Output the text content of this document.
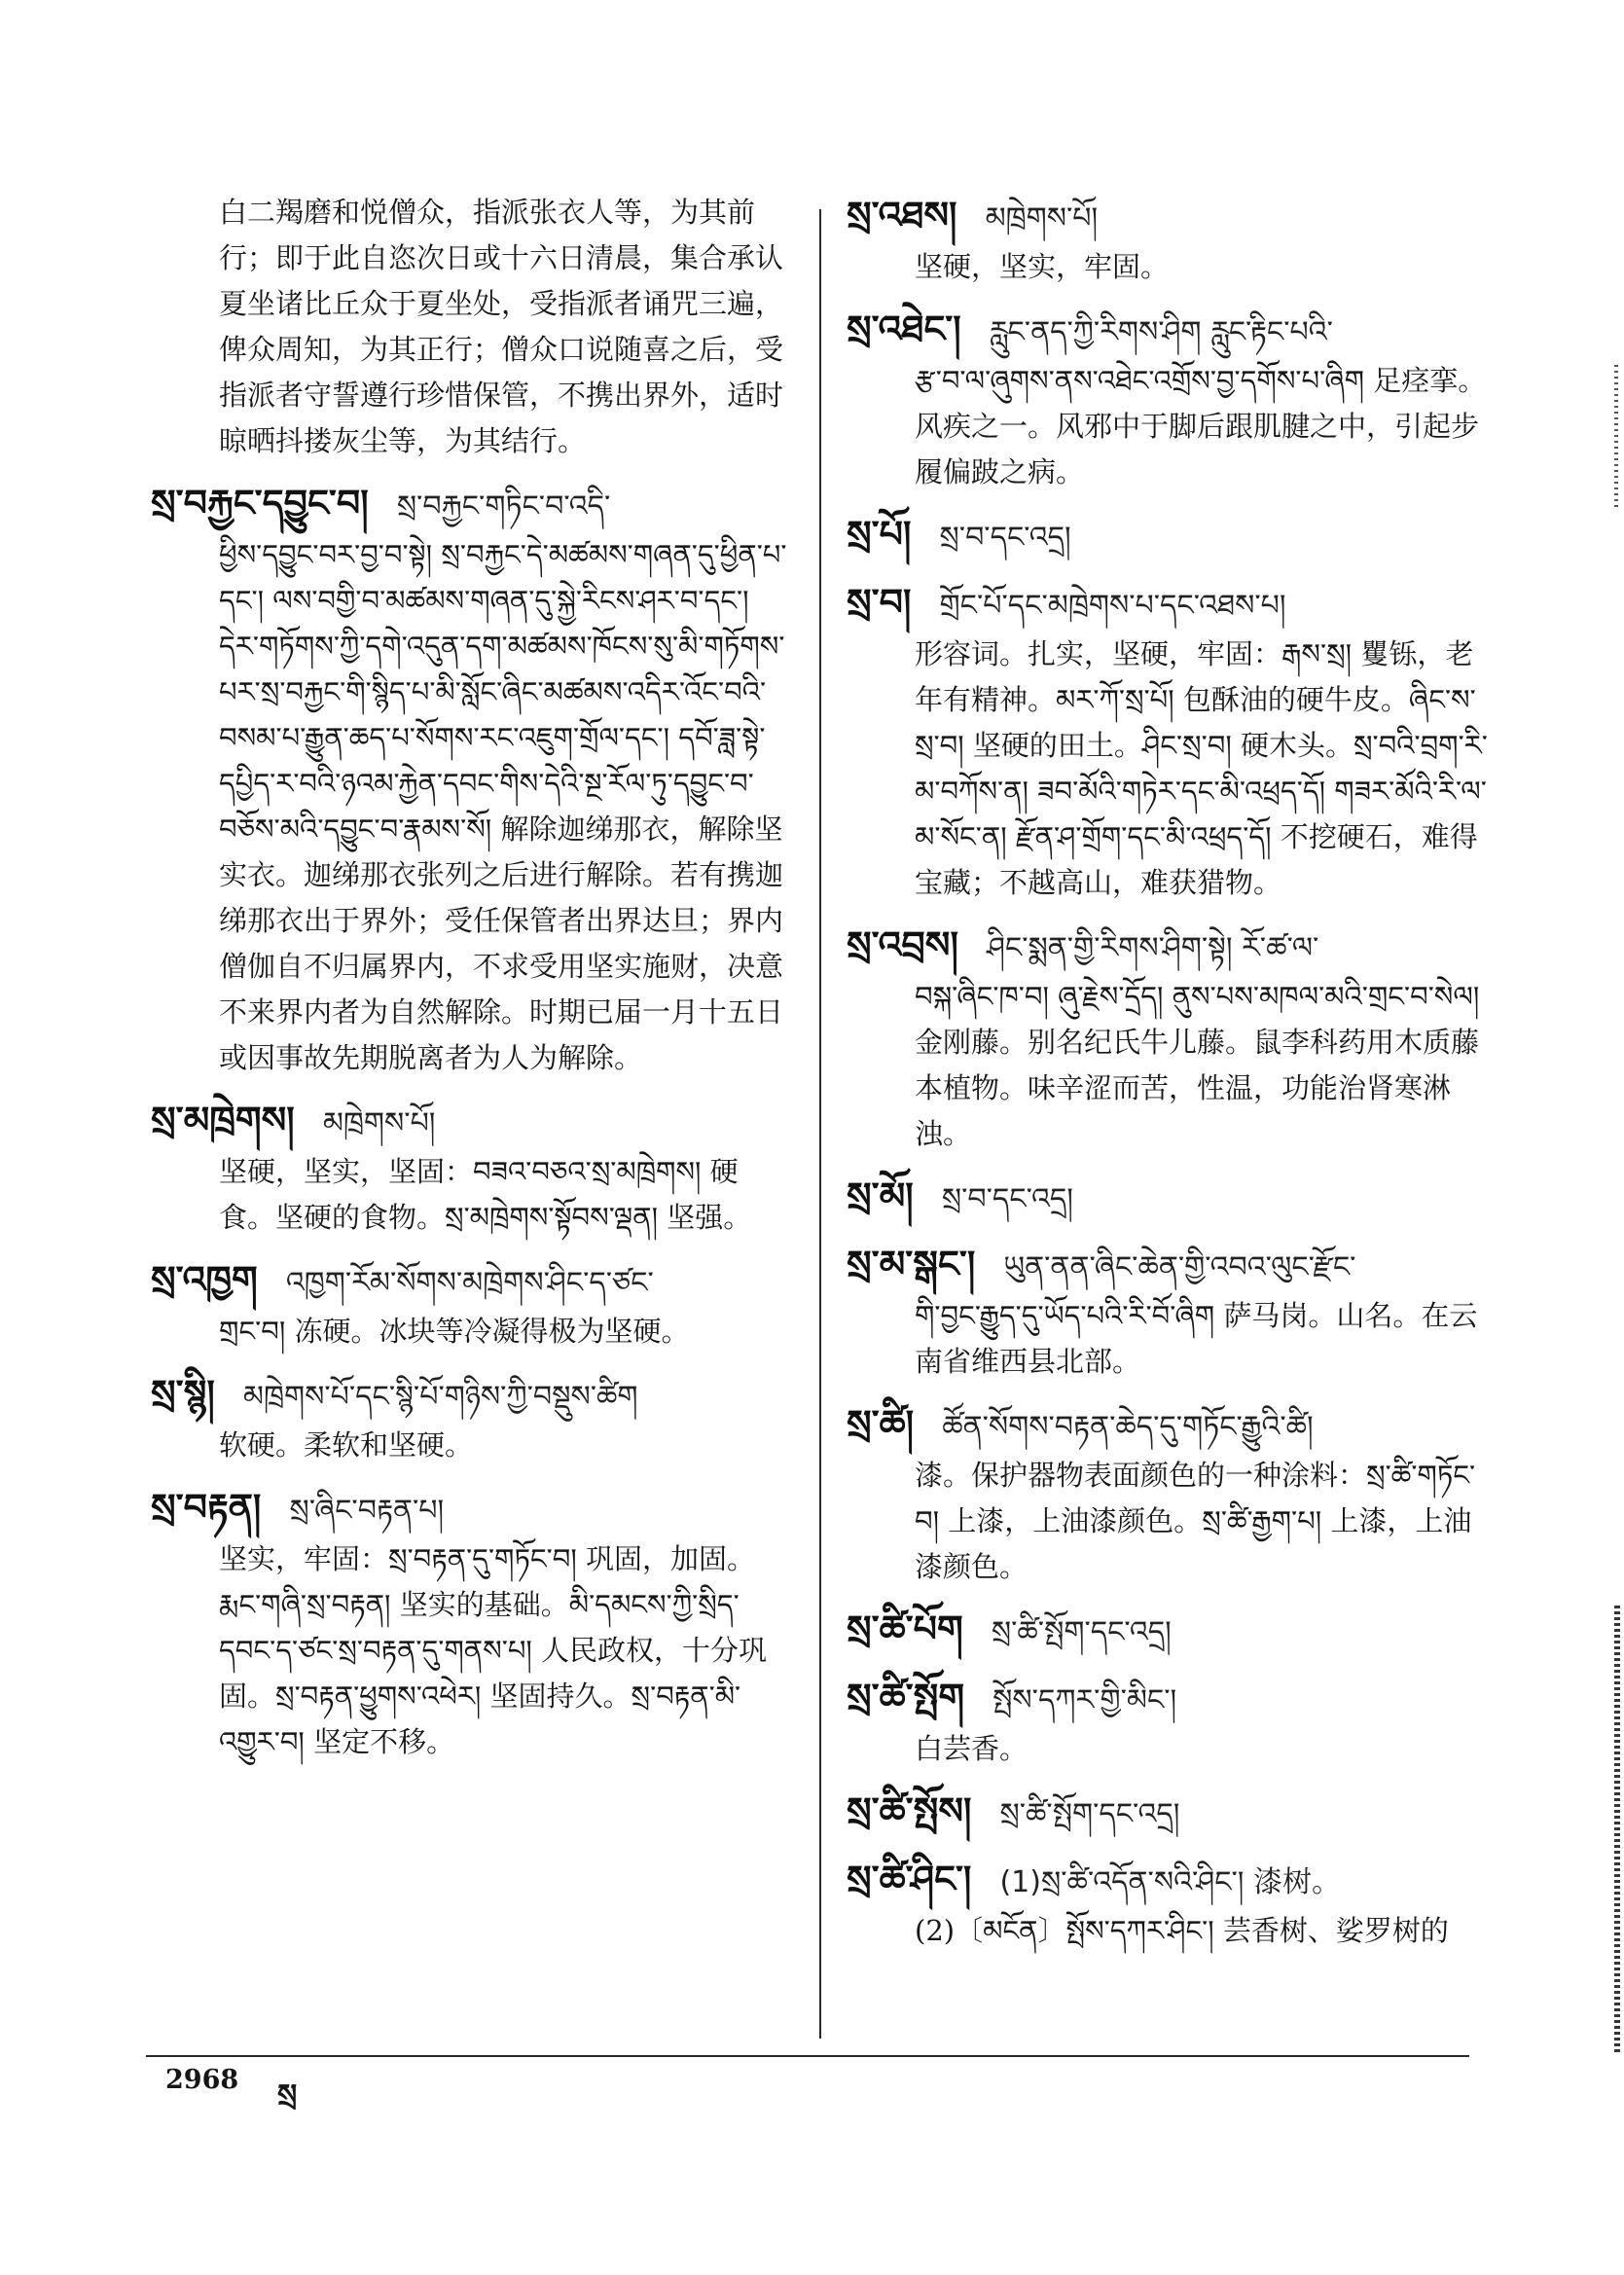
白二羯磨和悦僧众，指派张衣人等，为其前行；即于此自恣次日或十六日清晨，集合承认夏坐诸比丘众于夏坐处，受指派者诵咒三遍，俾众周知，为其正行；僧众口说随喜之后，受指派者守誓遵行珍惜保管，不携出界外，适时晾晒抖搂灰尘等，为其结行。
སྲ་བརྐྱང་དབྱུང་བ། སྲ་བརྐྱང་གཏིང་བ་འདི་
ཕྱིས་དབྱུང་བར་བྱ་བ་སྟེ། སྲ་བརྐྱང་དེ་མཚམས་གཞན་དུ་ཕྱིན་པ་དང་། ལས་བགྱི་བ་མཚམས་གཞན་དུ་སྐྱེ་རིངས་ཤར་བ་དང་། དེར་གཏོགས་ཀྱི་དགེ་འདུན་དག་མཚམས་ཁོངས་སུ་མི་གཏོགས་པར་སྲ་བརྐྱང་གི་སྙིད་པ་མི་སློང་ཞིང་མཚམས་འདིར་འོང་བའི་བསམ་པ་རྒྱུན་ཆད་པ་སོགས་རང་འཇུག་གྲོལ་དང་། དབོ་ཟླ་སྟེ་དཔྱིད་ར་བའི་ཉའམ་རྐྱེན་དབང་གིས་དེའི་སྔ་རོལ་ཏུ་དབྱུང་བ་བཅོས་མའི་དབྱུང་བ་རྣམས་སོ། 解除迦绨那衣，解除坚实衣。迦绨那衣张列之后进行解除。若有携迦绨那衣出于界外；受任保管者出界达旦；界内僧伽自不归属界内，不求受用坚实施财，决意不来界内者为自然解除。时期已届一月十五日或因事故先期脱离者为人为解除。
སྲ་མཁྲེགས། མཁྲེགས་པོ།
坚硬，坚实，坚固：བཟའ་བཅའ་སྲ་མཁྲེགས། 硬食。坚硬的食物。སྲ་མཁྲེགས་སྟོབས་ལྡན། 坚强。
སྲ་འཁྱག འཁྱག་རོམ་སོགས་མཁྲེགས་ཤིང་ད་ཙང་
གྲང་བ། 冻硬。冰块等冷凝得极为坚硬。
སྲ་སྙི། མཁྲེགས་པོ་དང་སྙི་པོ་གཉིས་ཀྱི་བསྡུས་ཚིག
软硬。柔软和坚硬。
སྲ་བརྟན། སྲ་ཞིང་བརྟན་པ།
坚实，牢固：སྲ་བརྟན་དུ་གཏོང་བ། 巩固，加固。རྨང་གཞི་སྲ་བརྟན། 坚实的基础。མི་དམངས་ཀྱི་སྲིད་དབང་ད་ཙང་སྲ་བརྟན་དུ་གནས་པ། 人民政权，十分巩固。སྲ་བརྟན་ཕྱུགས་འཕེར། 坚固持久。སྲ་བརྟན་མི་འགྱུར་བ། 坚定不移。
སྲ་འཐས། མཁྲེགས་པོ།
坚硬，坚实，牢固。
སྲ་འཐེང་། རླུང་ནད་ཀྱི་རིགས་ཤིག རླུང་རྟིང་པའི་
རྩ་བ་ལ་ཞུགས་ནས་འཐེང་འགྲོས་བྱ་དགོས་པ་ཞིག 足痉挛。风疾之一。风邪中于脚后跟肌腱之中，引起步履偏跛之病。
སྲ་པོ། སྲ་བ་དང་འདྲ།
སྲ་བ། གྲོང་པོ་དང་མཁྲེགས་པ་དང་འཐས་པ།
形容词。扎实，坚硬，牢固：རྒས་སྲ། 矍铄，老年有精神。མར་ཀོ་སྲ་པོ། 包酥油的硬牛皮。ཞིང་ས་སྲ་བ། 坚硬的田土。ཤིང་སྲ་བ། 硬木头。སྲ་བའི་བྲག་རི་མ་བཀོས་ན། ཟབ་མོའི་གཏེར་དང་མི་འཕྲད་དོ། གཟར་མོའི་རི་ལ་མ་སོང་ན། རྫོན་ཤ་གྲོག་དང་མི་འཕྲད་དོ། 不挖硬石，难得宝藏；不越高山，难获猎物。
སྲ་འབྲས། ཤིང་སྨན་གྱི་རིགས་ཤིག་སྟེ། རོ་ཚ་ལ་
བསྐ་ཞིང་ཁ་བ། ཞུ་རྗེས་དྲོད། ནུས་པས་མཁལ་མའི་གྲང་བ་སེལ། 金刚藤。别名纪氏牛儿藤。鼠李科药用木质藤本植物。味辛涩而苦，性温，功能治肾寒淋浊。
སྲ་མོ། སྲ་བ་དང་འདྲ།
སྲ་མ་སྒང་། ཡུན་ནན་ཞིང་ཆེན་གྱི་འབའ་ལུང་རྫོང་
གི་བྱང་རྒྱུད་དུ་ཡོད་པའི་རི་བོ་ཞིག 萨马岗。山名。在云南省维西县北部。
སྲ་ཚི། ཚོན་སོགས་བརྟན་ཆེད་དུ་གཏོང་རྒྱུའི་ཚི།
漆。保护器物表面颜色的一种涂料：སྲ་ཚི་གཏོང་བ། 上漆，上油漆颜色。སྲ་ཚི་རྒྱག་པ། 上漆，上油漆颜色。
སྲ་ཚི་པོག སྲ་ཚི་སྤོག་དང་འདྲ།
སྲ་ཚི་སྤོག སྤོས་དཀར་གྱི་མིང་།
白芸香。
སྲ་ཚི་སྤོས། སྲ་ཚི་སྤོག་དང་འདྲ།
སྲ་ཚི་ཤིང་། (1)སྲ་ཚི་འདོན་སའི་ཤིང་། 漆树。
(2)〔མངོན〕སྤོས་དཀར་ཤིང་། 芸香树、娑罗树的
2968 སྲ
